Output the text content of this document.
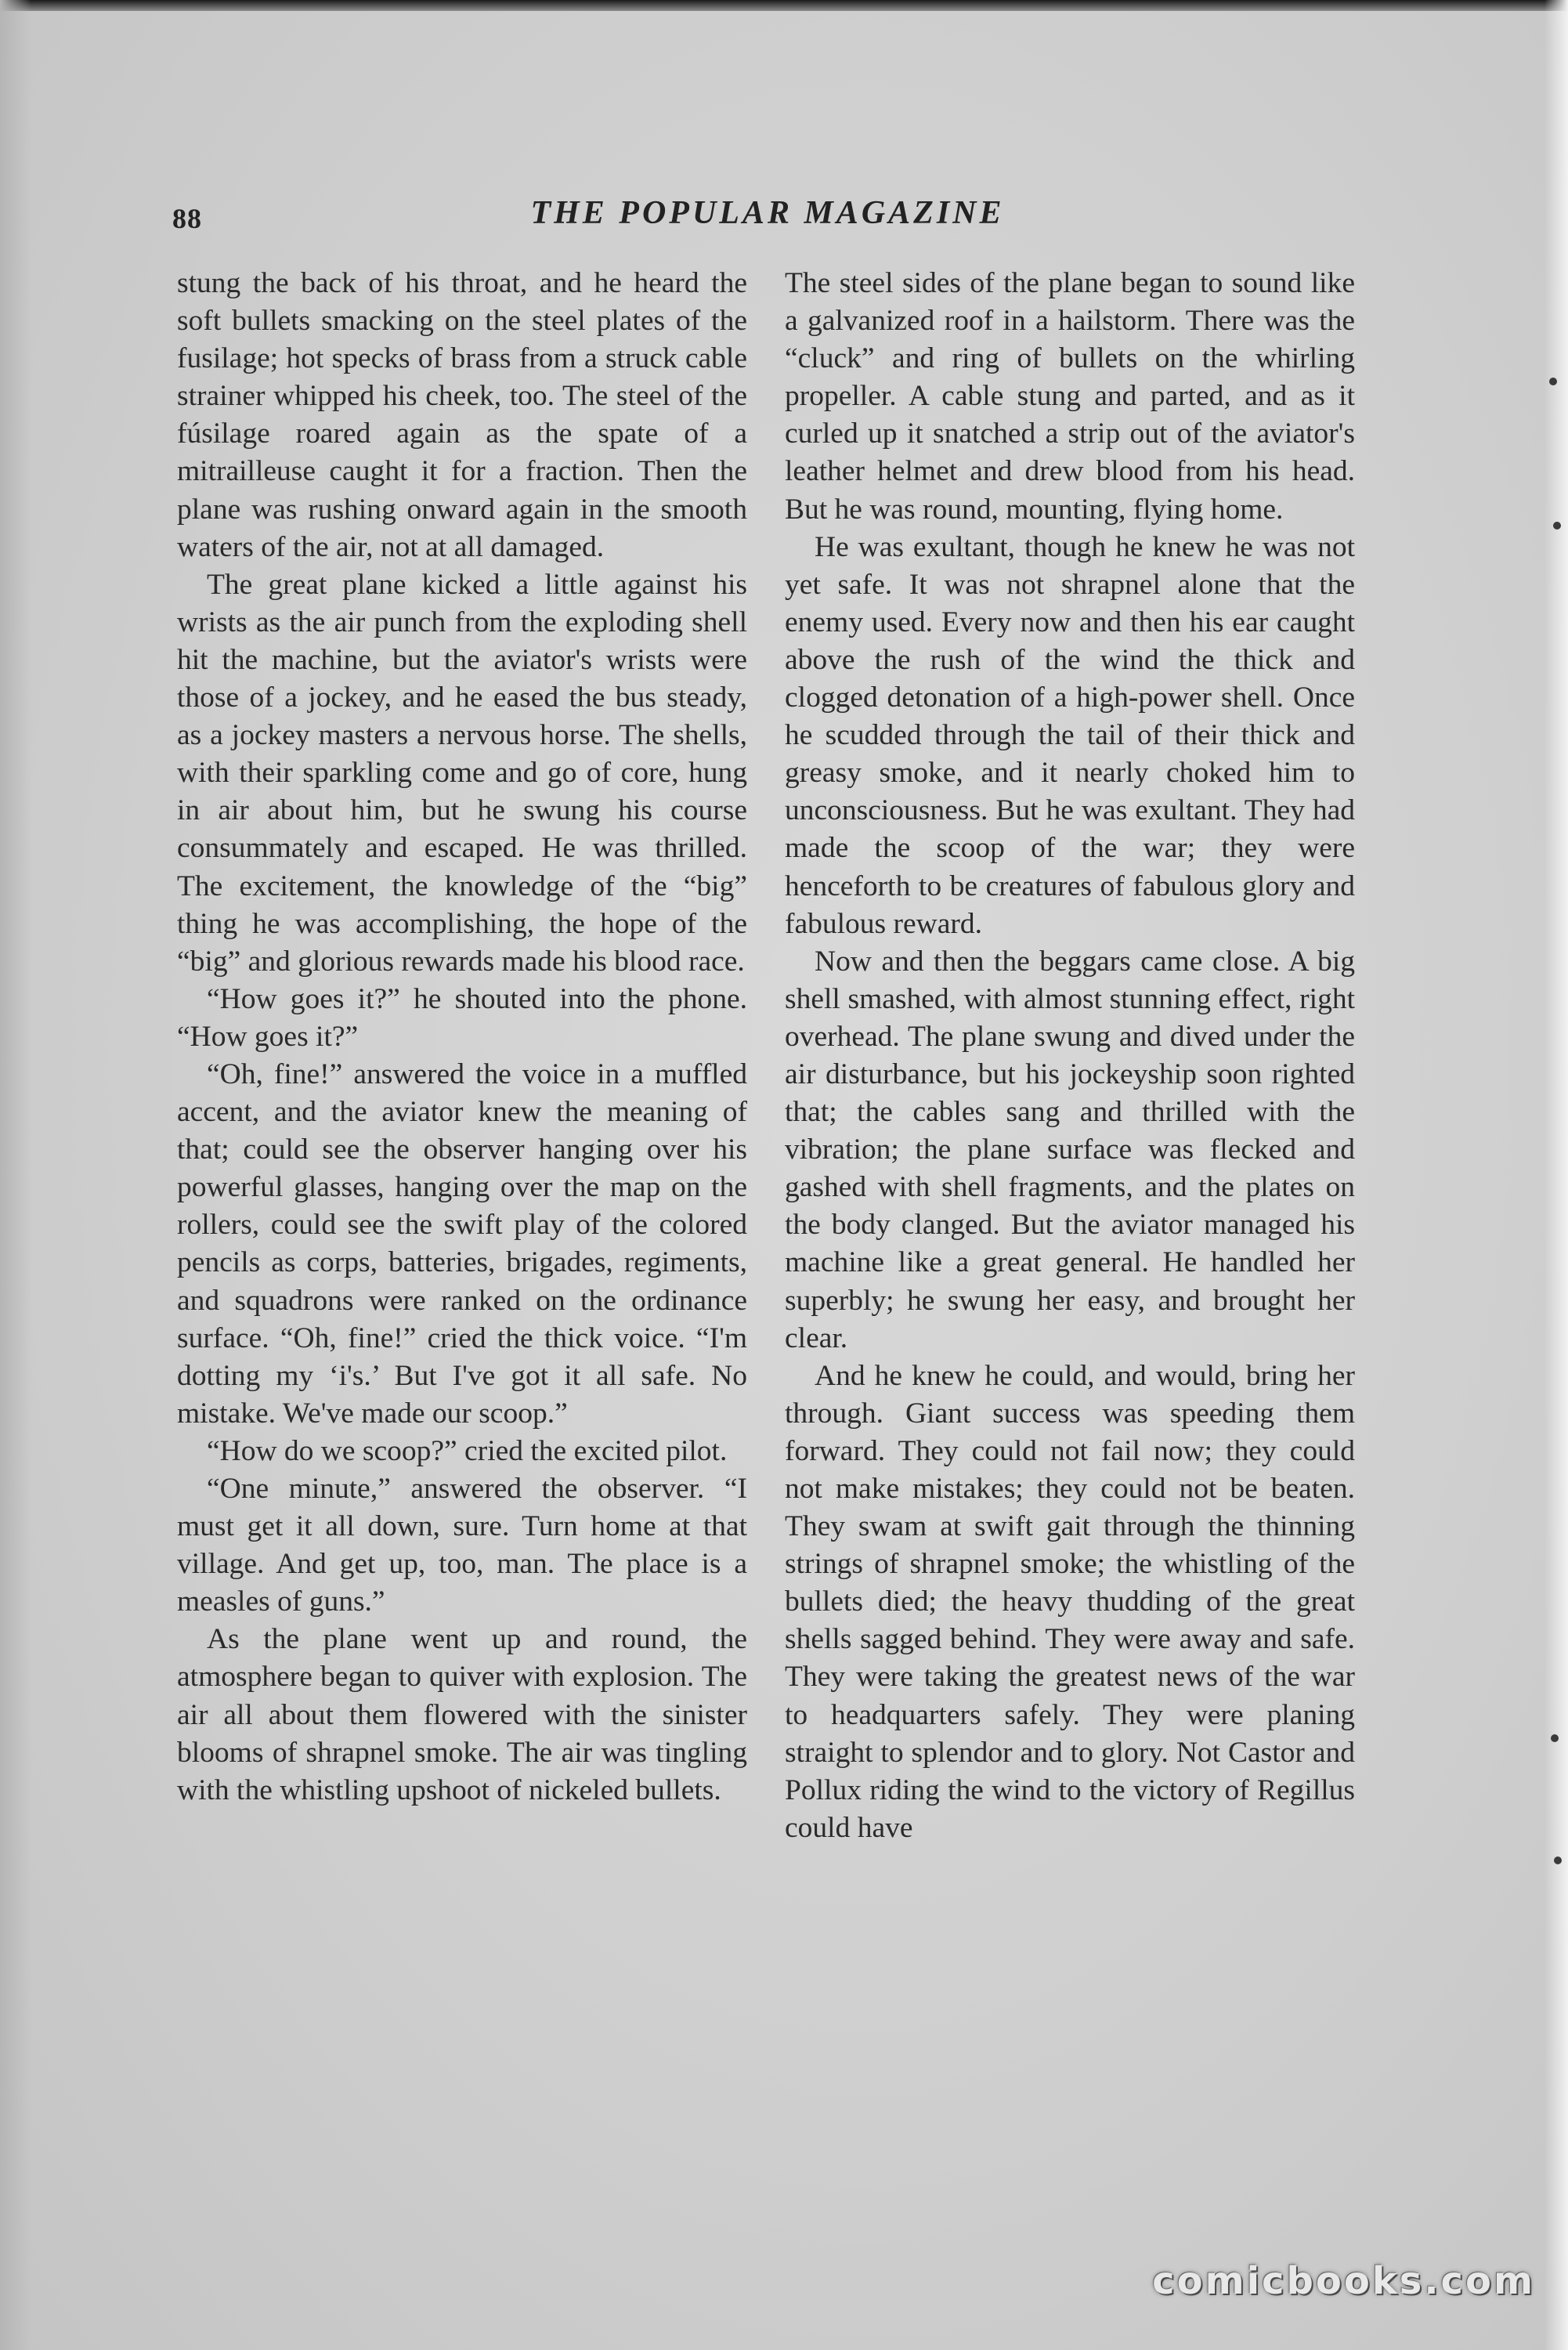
88	THE POPULAR MAGAZINE

stung the back of his throat, and he heard the soft bullets smacking on the steel plates of the fusilage; hot specks of brass from a struck cable strainer whipped his cheek, too. The steel of the fúsilage roared again as the spate of a mitrailleuse caught it for a fraction. Then the plane was rushing onward again in the smooth waters of the air, not at all damaged.

The great plane kicked a little against his wrists as the air punch from the exploding shell hit the machine, but the aviator's wrists were those of a jockey, and he eased the bus steady, as a jockey masters a nervous horse. The shells, with their sparkling come and go of core, hung in air about him, but he swung his course consummately and escaped. He was thrilled. The excitement, the knowledge of the “big” thing he was accomplishing, the hope of the “big” and glorious rewards made his blood race.

“How goes it?” he shouted into the phone. “How goes it?”

“Oh, fine!” answered the voice in a muffled accent, and the aviator knew the meaning of that; could see the observer hanging over his powerful glasses, hanging over the map on the rollers, could see the swift play of the colored pencils as corps, batteries, brigades, regiments, and squadrons were ranked on the ordinance surface. “Oh, fine!” cried the thick voice. “I'm dotting my ‘i's.’ But I've got it all safe. No mistake. We've made our scoop.”

“How do we scoop?” cried the excited pilot.

“One minute,” answered the observer. “I must get it all down, sure. Turn home at that village. And get up, too, man. The place is a measles of guns.”

As the plane went up and round, the atmosphere began to quiver with explosion. The air all about them flowered with the sinister blooms of shrapnel smoke. The air was tingling with the whistling upshoot of nickeled bullets.

The steel sides of the plane began to sound like a galvanized roof in a hailstorm. There was the “cluck” and ring of bullets on the whirling propeller. A cable stung and parted, and as it curled up it snatched a strip out of the aviator's leather helmet and drew blood from his head. But he was round, mounting, flying home.

He was exultant, though he knew he was not yet safe. It was not shrapnel alone that the enemy used. Every now and then his ear caught above the rush of the wind the thick and clogged detonation of a high-power shell. Once he scudded through the tail of their thick and greasy smoke, and it nearly choked him to unconsciousness. But he was exultant. They had made the scoop of the war; they were henceforth to be creatures of fabulous glory and fabulous reward.

Now and then the beggars came close. A big shell smashed, with almost stunning effect, right overhead. The plane swung and dived under the air disturbance, but his jockeyship soon righted that; the cables sang and thrilled with the vibration; the plane surface was flecked and gashed with shell fragments, and the plates on the body clanged. But the aviator managed his machine like a great general. He handled her superbly; he swung her easy, and brought her clear.

And he knew he could, and would, bring her through. Giant success was speeding them forward. They could not fail now; they could not make mistakes; they could not be beaten. They swam at swift gait through the thinning strings of shrapnel smoke; the whistling of the bullets died; the heavy thudding of the great shells sagged behind. They were away and safe. They were taking the greatest news of the war to headquarters safely. They were planing straight to splendor and to glory. Not Castor and Pollux riding the wind to the victory of Regillus could have

comicbooks.com
